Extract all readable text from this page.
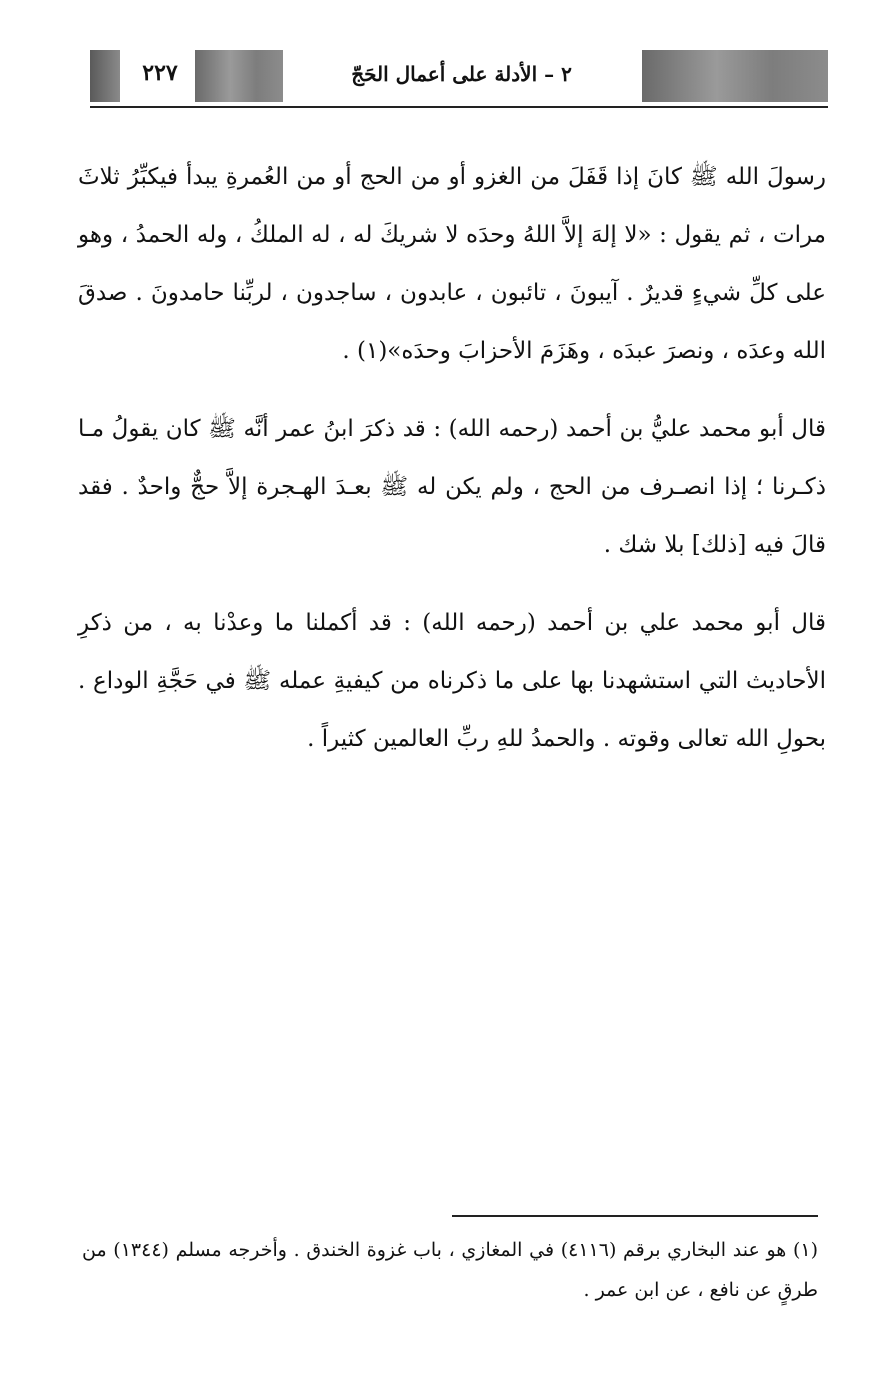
٢٢٧	٢ – الأدلة على أعمال الحَجّ

رسولَ الله ﷺ كانَ إذا قَفَلَ من الغزو أو من الحج أو من العُمرةِ يبدأ فيكبِّرُ ثلاثَ مرات ، ثم يقول : «لا إلهَ إلاَّ اللهُ وحدَه لا شريكَ له ، له الملكُ ، وله الحمدُ ، وهو على كلِّ شيءٍ قديرٌ . آيبونَ ، تائبون ، عابدون ، ساجدون ، لربِّنا حامدونَ . صدقَ الله وعدَه ، ونصرَ عبدَه ، وهَزَمَ الأحزابَ وحدَه»(١) .

قال أبو محمد عليُّ بن أحمد (رحمه الله) : قد ذكرَ ابنُ عمر أنَّه ﷺ كان يقولُ مـا ذكـرنا ؛ إذا انصـرف من الحج ، ولم يكن له ﷺ بعـدَ الهـجرة إلاَّ حجٌّ واحدٌ . فقد قالَ فيه [ذلك] بلا شك .

قال أبو محمد علي بن أحمد (رحمه الله) : قد أكملنا ما وعدْنا به ، من ذكرِ الأحاديث التي استشهدنا بها على ما ذكرناه من كيفيةِ عمله ﷺ في حَجَّةِ الوداع . بحولِ الله تعالى وقوته . والحمدُ للهِ ربِّ العالمين كثيراً .

(١) هو عند البخاري برقم (٤١١٦) في المغازي ، باب غزوة الخندق . وأخرجه مسلم (١٣٤٤) من طرقٍ عن نافع ، عن ابن عمر .
